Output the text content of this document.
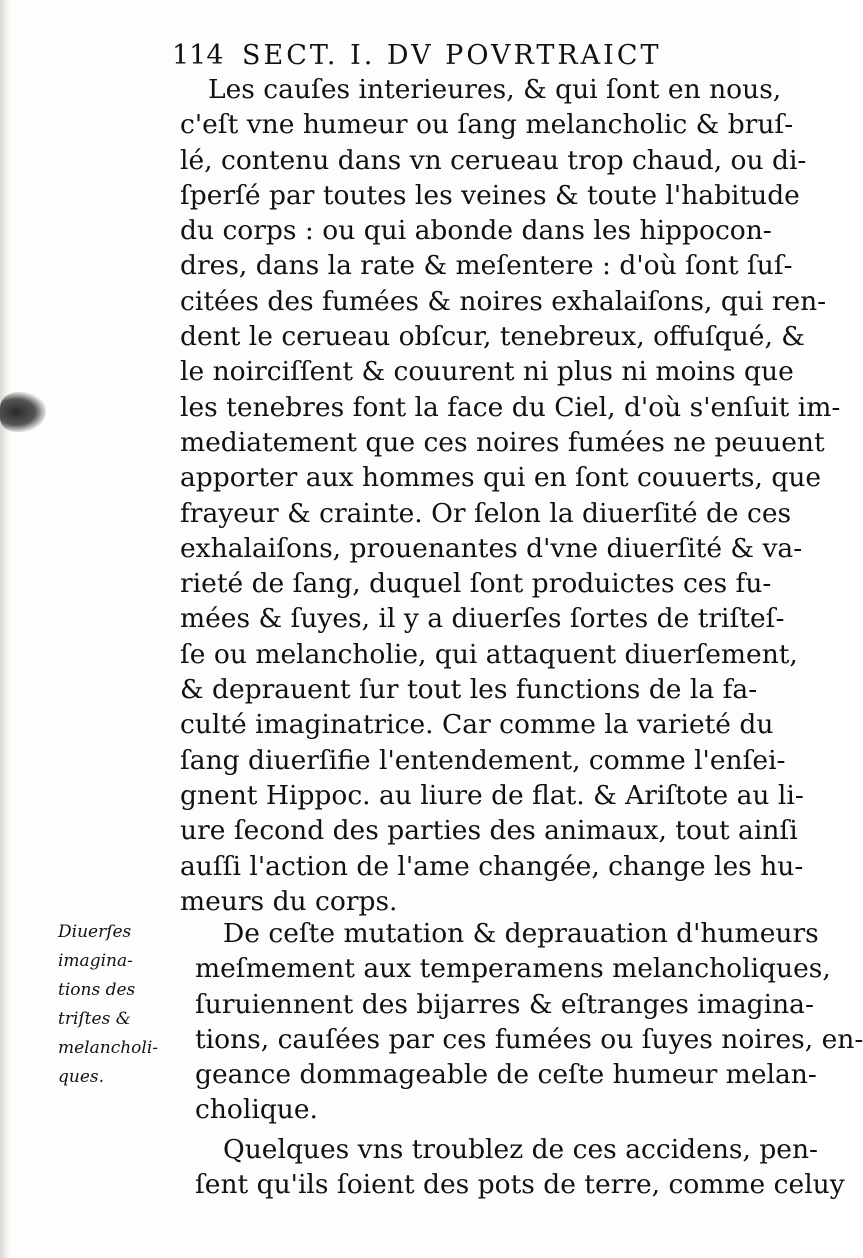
114 SECT. I. DV POVRTRAICT
Les cauſes interieures, & qui ſont en nous,
c'eſt vne humeur ou ſang melancholic & bruſ-
lé, contenu dans vn cerueau trop chaud, ou di-
ſperſé par toutes les veines & toute l'habitude
du corps : ou qui abonde dans les hippocon-
dres, dans la rate & meſentere : d'où ſont ſuſ-
citées des fumées & noires exhalaiſons, qui ren-
dent le cerueau obſcur, tenebreux, offuſqué, &
le noirciſſent & couurent ni plus ni moins que
les tenebres font la face du Ciel, d'où s'enſuit im-
mediatement que ces noires fumées ne peuuent
apporter aux hommes qui en ſont couuerts, que
frayeur & crainte. Or ſelon la diuerſité de ces
exhalaiſons, prouenantes d'vne diuerſité & va-
rieté de ſang, duquel ſont produictes ces fu-
mées & ſuyes, il y a diuerſes ſortes de triſteſ-
ſe ou melancholie, qui attaquent diuerſement,
& deprauent ſur tout les functions de la fa-
culté imaginatrice. Car comme la varieté du
ſang diuerſifie l'entendement, comme l'enſei-
gnent Hippoc. au liure de flat. & Ariſtote au li-
ure ſecond des parties des animaux, tout ainſi
auſſi l'action de l'ame changée, change les hu-
meurs du corps.
Diuerſes
imagina-
tions des
triſtes &
melancholi-
ques.
De ceſte mutation & deprauation d'humeurs
meſmement aux temperamens melancholiques,
ſuruiennent des bijarres & eſtranges imagina-
tions, cauſées par ces fumées ou ſuyes noires, en-
geance dommageable de ceſte humeur melan-
cholique.
Quelques vns troublez de ces accidens, pen-
ſent qu'ils ſoient des pots de terre, comme celuy
